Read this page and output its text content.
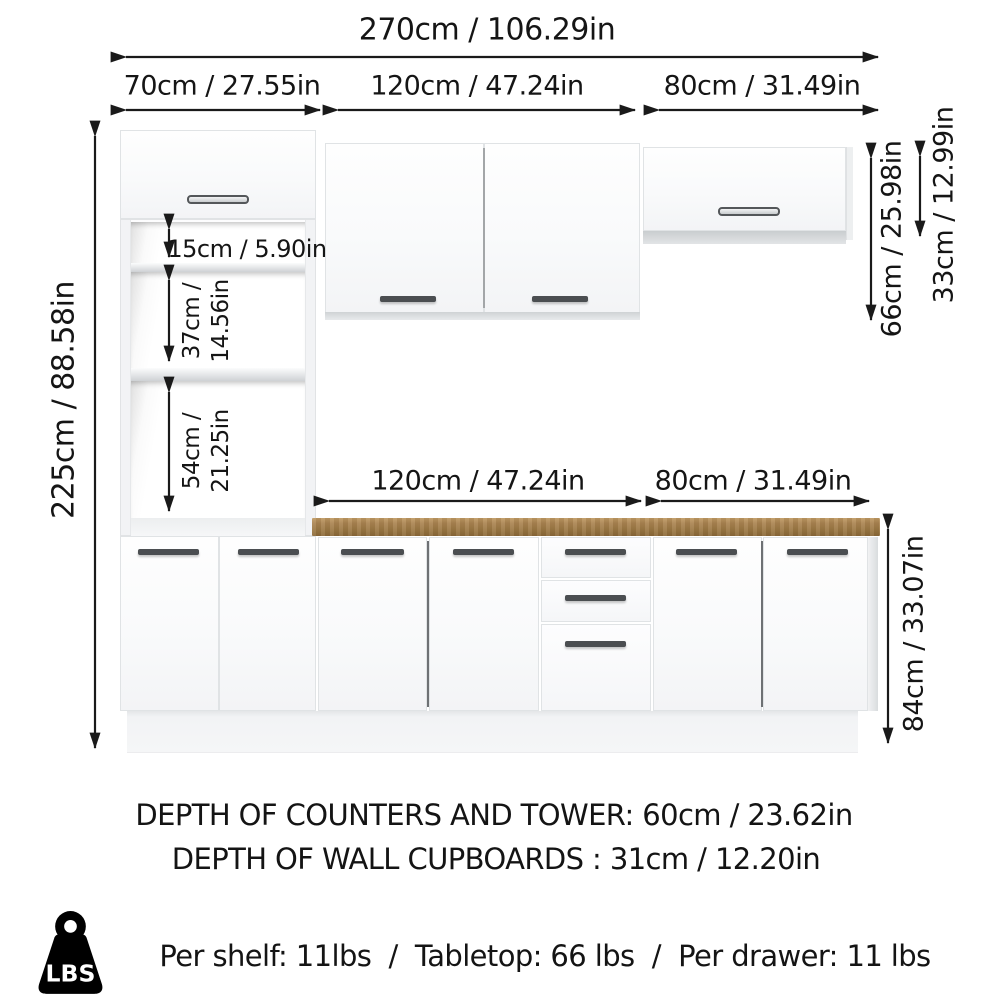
270cm / 106.29in
70cm / 27.55in 120cm / 47.24in	80cm / 31.49in
225cm / 88.58in
15cm / 5.90in
37cm / 14.56in
54cm / 21.25in
66cm / 25.98in 33cm / 12.99in
84cm / 33.07in
120cm / 47.24in	80cm / 31.49in
DEPTH OF COUNTERS AND TOWER: 60cm / 23.62in
DEPTH OF WALL CUPBOARDS : 31cm / 12.20in
LBS
Per shelf: 11lbs  /  Tabletop: 66 lbs  /  Per drawer: 11 lbs
